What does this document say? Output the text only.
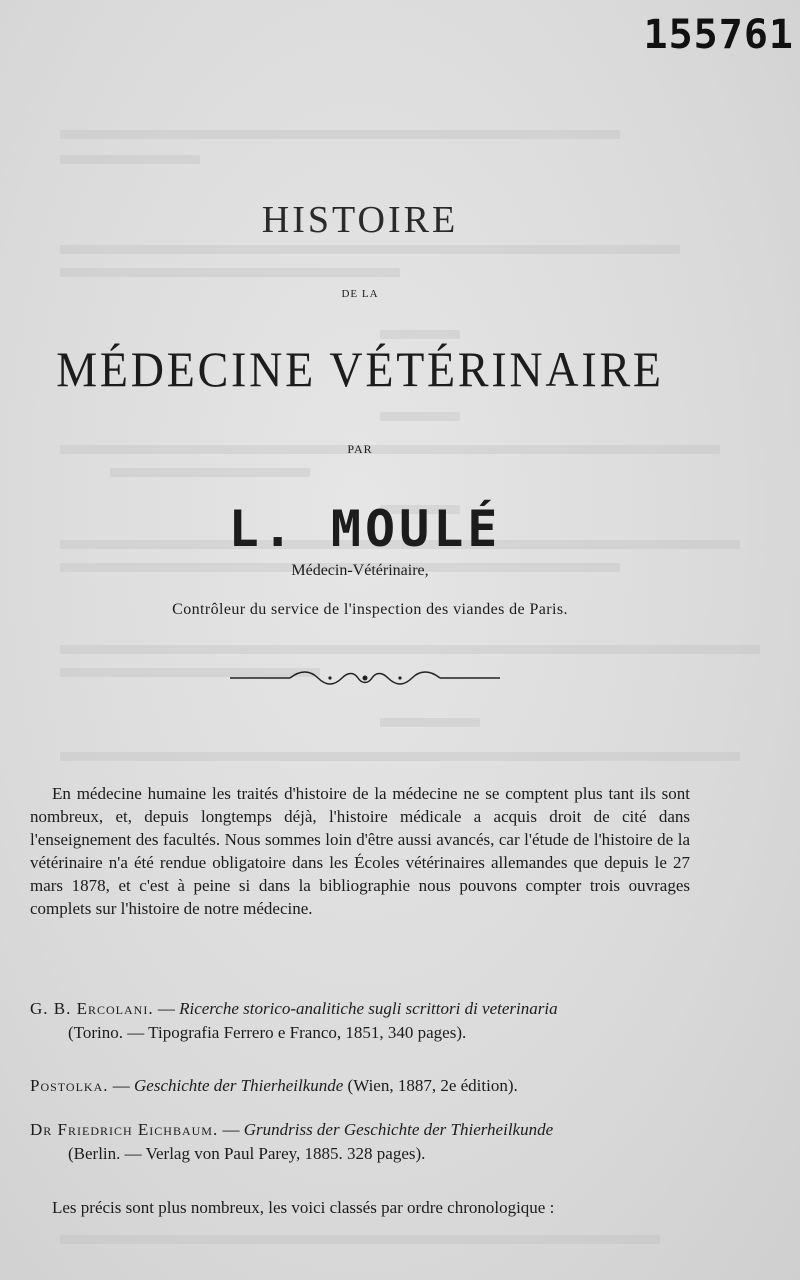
155761
HISTOIRE
DE LA
MÉDECINE VÉTÉRINAIRE
PAR
L. MOULÉ
Médecin-Vétérinaire,
Contrôleur du service de l'inspection des viandes de Paris.

En médecine humaine les traités d'histoire de la médecine ne se comptent plus tant ils sont nombreux, et, depuis longtemps déjà, l'histoire médicale a acquis droit de cité dans l'enseignement des facultés. Nous sommes loin d'être aussi avancés, car l'étude de l'histoire de la vétérinaire n'a été rendue obligatoire dans les Écoles vétérinaires allemandes que depuis le 27 mars 1878, et c'est à peine si dans la bibliographie nous pouvons compter trois ouvrages complets sur l'histoire de notre médecine.

G. B. Ercolani. — Ricerche storico-analitiche sugli scrittori di veterinaria
(Torino. — Tipografia Ferrero e Franco, 1851, 340 pages).
Postolka. — Geschichte der Thierheilkunde (Wien, 1887, 2e édition).
Dr Friedrich Eichbaum. — Grundriss der Geschichte der Thierheilkunde
(Berlin. — Verlag von Paul Parey, 1885. 328 pages).

Les précis sont plus nombreux, les voici classés par ordre chronologique :
